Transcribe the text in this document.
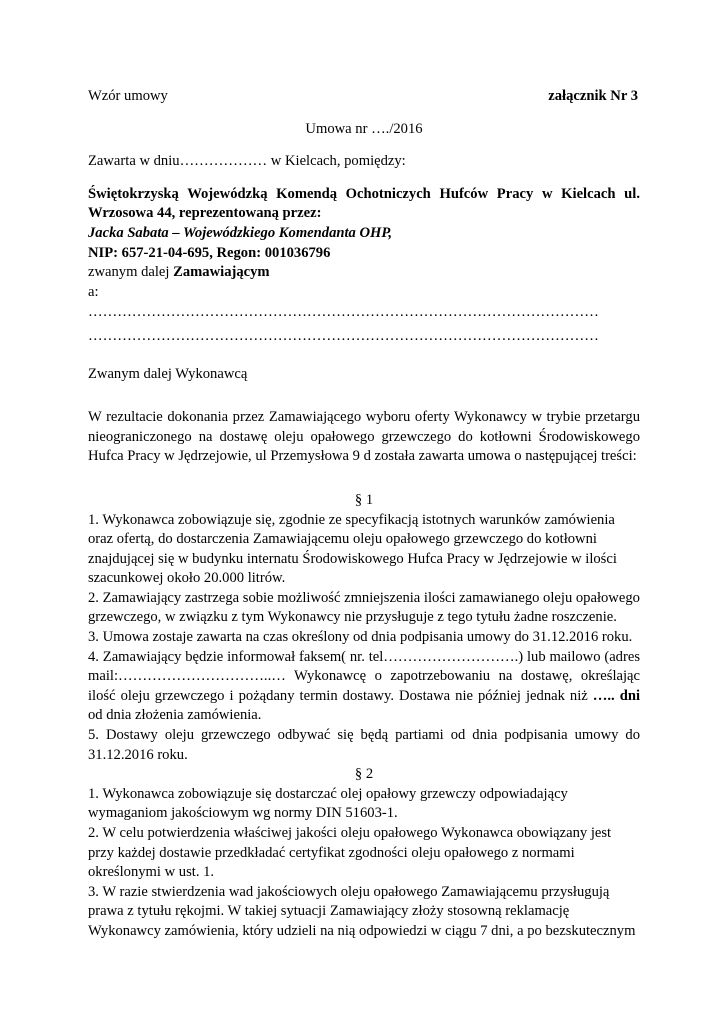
Wzór umowy	załącznik Nr 3

Umowa nr …./2016

Zawarta w dniu……………… w Kielcach, pomiędzy:

Świętokrzyską Wojewódzką Komendą Ochotniczych Hufców Pracy w Kielcach ul. Wrzosowa 44, reprezentowaną przez:

Jacka Sabata – Wojewódzkiego Komendanta OHP,

NIP: 657-21-04-695, Regon: 001036796

zwanym dalej Zamawiającym

a:

……………………………………………………………………………………………

……………………………………………………………………………………………

Zwanym dalej Wykonawcą

W rezultacie dokonania przez Zamawiającego wyboru oferty Wykonawcy w trybie przetargu nieograniczonego na dostawę oleju opałowego grzewczego do kotłowni Środowiskowego Hufca Pracy w Jędrzejowie, ul Przemysłowa 9 d została zawarta umowa o następującej treści:

§ 1

1. Wykonawca zobowiązuje się, zgodnie ze specyfikacją istotnych warunków zamówienia oraz ofertą, do dostarczenia Zamawiającemu oleju opałowego grzewczego do kotłowni znajdującej się w budynku internatu Środowiskowego Hufca Pracy w Jędrzejowie w ilości szacunkowej około 20.000 litrów.

2. Zamawiający zastrzega sobie możliwość zmniejszenia ilości zamawianego oleju opałowego grzewczego, w związku z tym Wykonawcy nie przysługuje z tego tytułu żadne roszczenie.

3. Umowa zostaje zawarta na czas określony od dnia podpisania umowy do 31.12.2016 roku.

4. Zamawiający będzie informował faksem( nr. tel……………………….) lub mailowo (adres mail:…………………………..… Wykonawcę o zapotrzebowaniu na dostawę, określając ilość oleju grzewczego i pożądany termin dostawy. Dostawa nie później jednak niż ….. dni od dnia złożenia zamówienia.

5. Dostawy oleju grzewczego odbywać się będą partiami od dnia podpisania umowy do 31.12.2016 roku.

§ 2

1. Wykonawca zobowiązuje się dostarczać olej opałowy grzewczy odpowiadający

wymaganiom jakościowym wg normy DIN 51603-1.

2. W celu potwierdzenia właściwej jakości oleju opałowego Wykonawca obowiązany jest

przy każdej dostawie przedkładać certyfikat zgodności oleju opałowego z normami

określonymi w ust. 1.

3. W razie stwierdzenia wad jakościowych oleju opałowego Zamawiającemu przysługują

prawa z tytułu rękojmi. W takiej sytuacji Zamawiający złoży stosowną reklamację

Wykonawcy zamówienia, który udzieli na nią odpowiedzi w ciągu 7 dni, a po bezskutecznym
